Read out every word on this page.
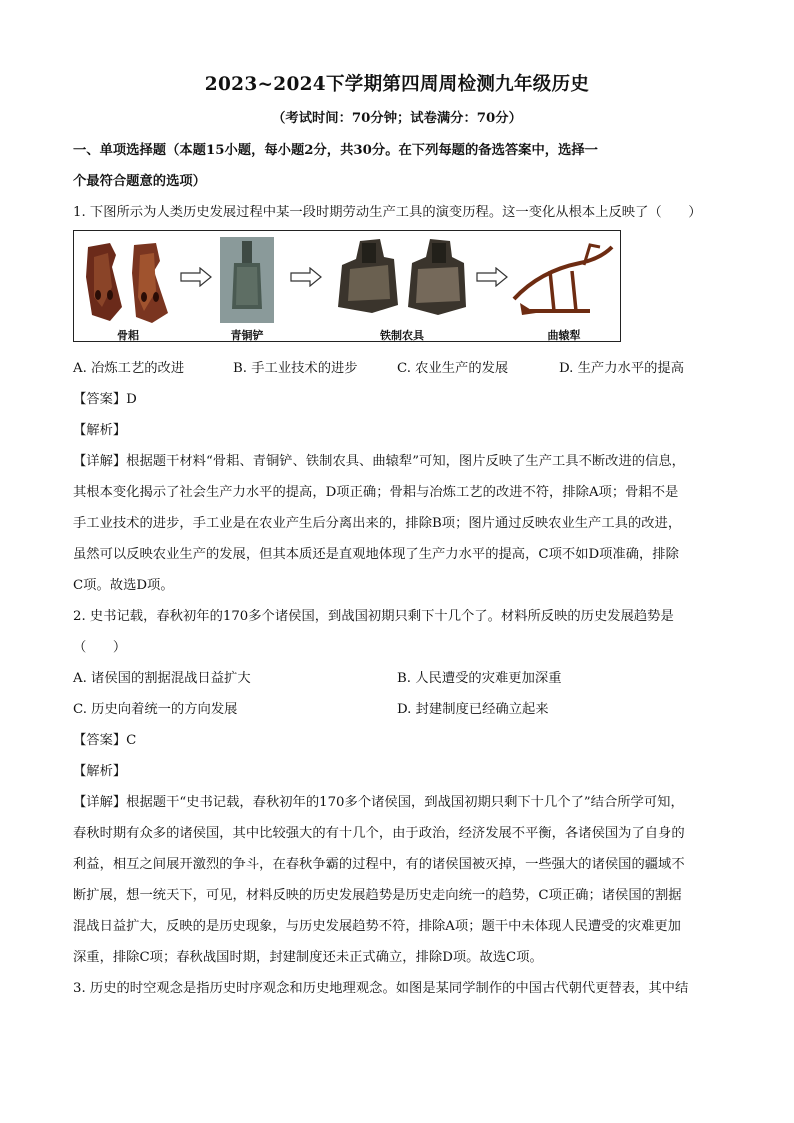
2023~2024下学期第四周周检测九年级历史
（考试时间：70分钟；试卷满分：70分）
一、单项选择题（本题15小题，每小题2分，共30分。在下列每题的备选答案中，选择一
个最符合题意的选项）
1. 下图所示为人类历史发展过程中某一段时期劳动生产工具的演变历程。这一变化从根本上反映了（　　）
骨耜	青铜铲	铁制农具	曲辕犁
A. 冶炼工艺的改进	B. 手工业技术的进步	C. 农业生产的发展	D. 生产力水平的提高
【答案】D
【解析】
【详解】根据题干材料“骨耜、青铜铲、铁制农具、曲辕犁”可知，图片反映了生产工具不断改进的信息，
其根本变化揭示了社会生产力水平的提高，D项正确；骨耜与冶炼工艺的改进不符，排除A项；骨耜不是
手工业技术的进步，手工业是在农业产生后分离出来的，排除B项；图片通过反映农业生产工具的改进，
虽然可以反映农业生产的发展，但其本质还是直观地体现了生产力水平的提高，C项不如D项准确，排除
C项。故选D项。
2. 史书记载，春秋初年的170多个诸侯国，到战国初期只剩下十几个了。材料所反映的历史发展趋势是
（　　）
A. 诸侯国的割据混战日益扩大	B. 人民遭受的灾难更加深重
C. 历史向着统一的方向发展	D. 封建制度已经确立起来
【答案】C
【解析】
【详解】根据题干“史书记载，春秋初年的170多个诸侯国，到战国初期只剩下十几个了”结合所学可知，
春秋时期有众多的诸侯国，其中比较强大的有十几个，由于政治，经济发展不平衡，各诸侯国为了自身的
利益，相互之间展开激烈的争斗，在春秋争霸的过程中，有的诸侯国被灭掉，一些强大的诸侯国的疆域不
断扩展，想一统天下，可见，材料反映的历史发展趋势是历史走向统一的趋势，C项正确；诸侯国的割据
混战日益扩大，反映的是历史现象，与历史发展趋势不符，排除A项；题干中未体现人民遭受的灾难更加
深重，排除C项；春秋战国时期，封建制度还未正式确立，排除D项。故选C项。
3. 历史的时空观念是指历史时序观念和历史地理观念。如图是某同学制作的中国古代朝代更替表，其中结
